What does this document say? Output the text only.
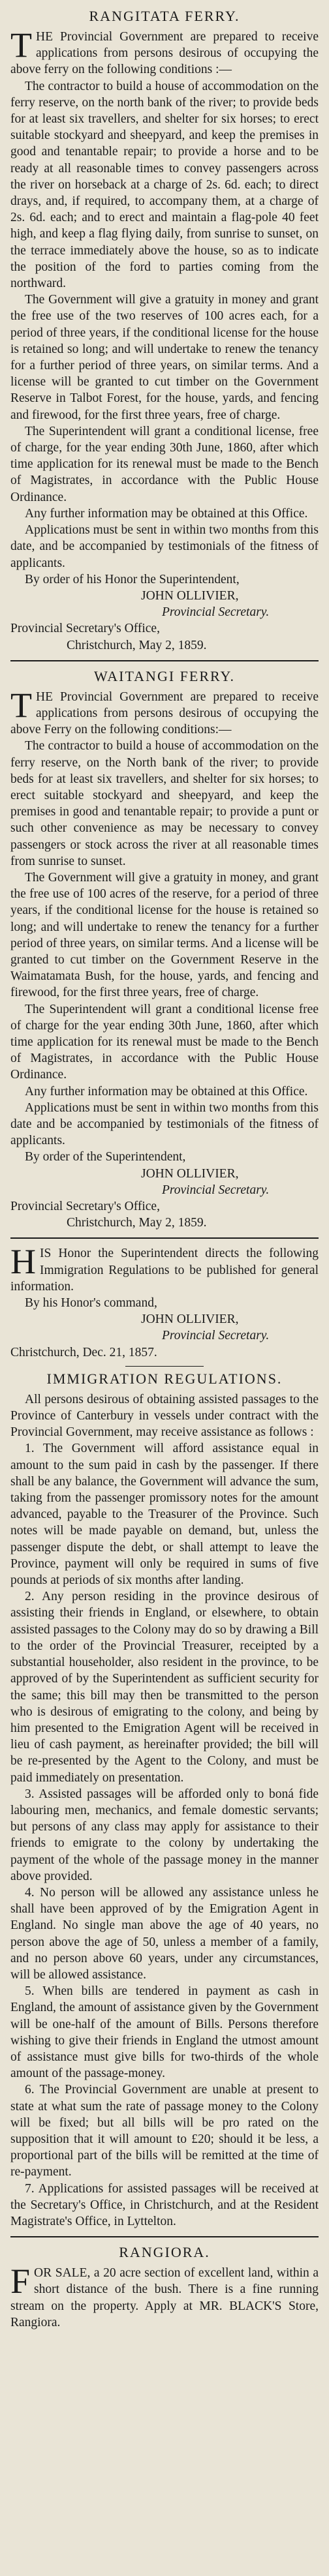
RANGITATA FERRY.

THE Provincial Government are prepared to receive applications from persons desirous of occupying the above ferry on the following conditions :—

The contractor to build a house of accommodation on the ferry reserve, on the north bank of the river; to provide beds for at least six travellers, and shelter for six horses; to erect suitable stockyard and sheepyard, and keep the premises in good and tenantable repair; to provide a horse and to be ready at all reasonable times to convey passengers across the river on horseback at a charge of 2s. 6d. each; to direct drays, and, if required, to accompany them, at a charge of 2s. 6d. each; and to erect and maintain a flag-pole 40 feet high, and keep a flag flying daily, from sunrise to sunset, on the terrace immediately above the house, so as to indicate the position of the ford to parties coming from the northward.

The Government will give a gratuity in money and grant the free use of the two reserves of 100 acres each, for a period of three years, if the conditional license for the house is retained so long; and will undertake to renew the tenancy for a further period of three years, on similar terms. And a license will be granted to cut timber on the Government Reserve in Talbot Forest, for the house, yards, and fencing and firewood, for the first three years, free of charge.

The Superintendent will grant a conditional license, free of charge, for the year ending 30th June, 1860, after which time application for its renewal must be made to the Bench of Magistrates, in accordance with the Public House Ordinance.

Any further information may be obtained at this Office.

Applications must be sent in within two months from this date, and be accompanied by testimonials of the fitness of applicants.

By order of his Honor the Superintendent,

JOHN OLLIVIER,

Provincial Secretary.

Provincial Secretary's Office,

Christchurch, May 2, 1859.

WAITANGI FERRY.

THE Provincial Government are prepared to receive applications from persons desirous of occupying the above Ferry on the following conditions:—

The contractor to build a house of accommodation on the ferry reserve, on the North bank of the river; to provide beds for at least six travellers, and shelter for six horses; to erect suitable stockyard and sheepyard, and keep the premises in good and tenantable repair; to provide a punt or such other convenience as may be necessary to convey passengers or stock across the river at all reasonable times from sunrise to sunset.

The Government will give a gratuity in money, and grant the free use of 100 acres of the reserve, for a period of three years, if the conditional license for the house is retained so long; and will undertake to renew the tenancy for a further period of three years, on similar terms. And a license will be granted to cut timber on the Government Reserve in the Waimatamata Bush, for the house, yards, and fencing and firewood, for the first three years, free of charge.

The Superintendent will grant a conditional license free of charge for the year ending 30th June, 1860, after which time application for its renewal must be made to the Bench of Magistrates, in accordance with the Public House Ordinance.

Any further information may be obtained at this Office.

Applications must be sent in within two months from this date and be accompanied by testimonials of the fitness of applicants.

By order of the Superintendent,

JOHN OLLIVIER,

Provincial Secretary.

Provincial Secretary's Office,

Christchurch, May 2, 1859.

HIS Honor the Superintendent directs the following Immigration Regulations to be published for general information.

By his Honor's command,

JOHN OLLIVIER,

Provincial Secretary.

Christchurch, Dec. 21, 1857.

IMMIGRATION REGULATIONS.

All persons desirous of obtaining assisted passages to the Province of Canterbury in vessels under contract with the Provincial Government, may receive assistance as follows :

1. The Government will afford assistance equal in amount to the sum paid in cash by the passenger. If there shall be any balance, the Government will advance the sum, taking from the passenger promissory notes for the amount advanced, payable to the Treasurer of the Province. Such notes will be made payable on demand, but, unless the passenger dispute the debt, or shall attempt to leave the Province, payment will only be required in sums of five pounds at periods of six months after landing.

2. Any person residing in the province desirous of assisting their friends in England, or elsewhere, to obtain assisted passages to the Colony may do so by drawing a Bill to the order of the Provincial Treasurer, receipted by a substantial householder, also resident in the province, to be approved of by the Superintendent as sufficient security for the same; this bill may then be transmitted to the person who is desirous of emigrating to the colony, and being by him presented to the Emigration Agent will be received in lieu of cash payment, as hereinafter provided; the bill will be re-presented by the Agent to the Colony, and must be paid immediately on presentation.

3. Assisted passages will be afforded only to boná fide labouring men, mechanics, and female domestic servants; but persons of any class may apply for assistance to their friends to emigrate to the colony by undertaking the payment of the whole of the passage money in the manner above provided.

4. No person will be allowed any assistance unless he shall have been approved of by the Emigration Agent in England. No single man above the age of 40 years, no person above the age of 50, unless a member of a family, and no person above 60 years, under any circumstances, will be allowed assistance.

5. When bills are tendered in payment as cash in England, the amount of assistance given by the Government will be one-half of the amount of Bills. Persons therefore wishing to give their friends in England the utmost amount of assistance must give bills for two-thirds of the whole amount of the passage-money.

6. The Provincial Government are unable at present to state at what sum the rate of passage money to the Colony will be fixed; but all bills will be pro rated on the supposition that it will amount to £20; should it be less, a proportional part of the bills will be remitted at the time of re-payment.

7. Applications for assisted passages will be received at the Secretary's Office, in Christchurch, and at the Resident Magistrate's Office, in Lyttelton.

RANGIORA.

FOR SALE, a 20 acre section of excellent land, within a short distance of the bush. There is a fine running stream on the property. Apply at MR. BLACK'S Store, Rangiora.
